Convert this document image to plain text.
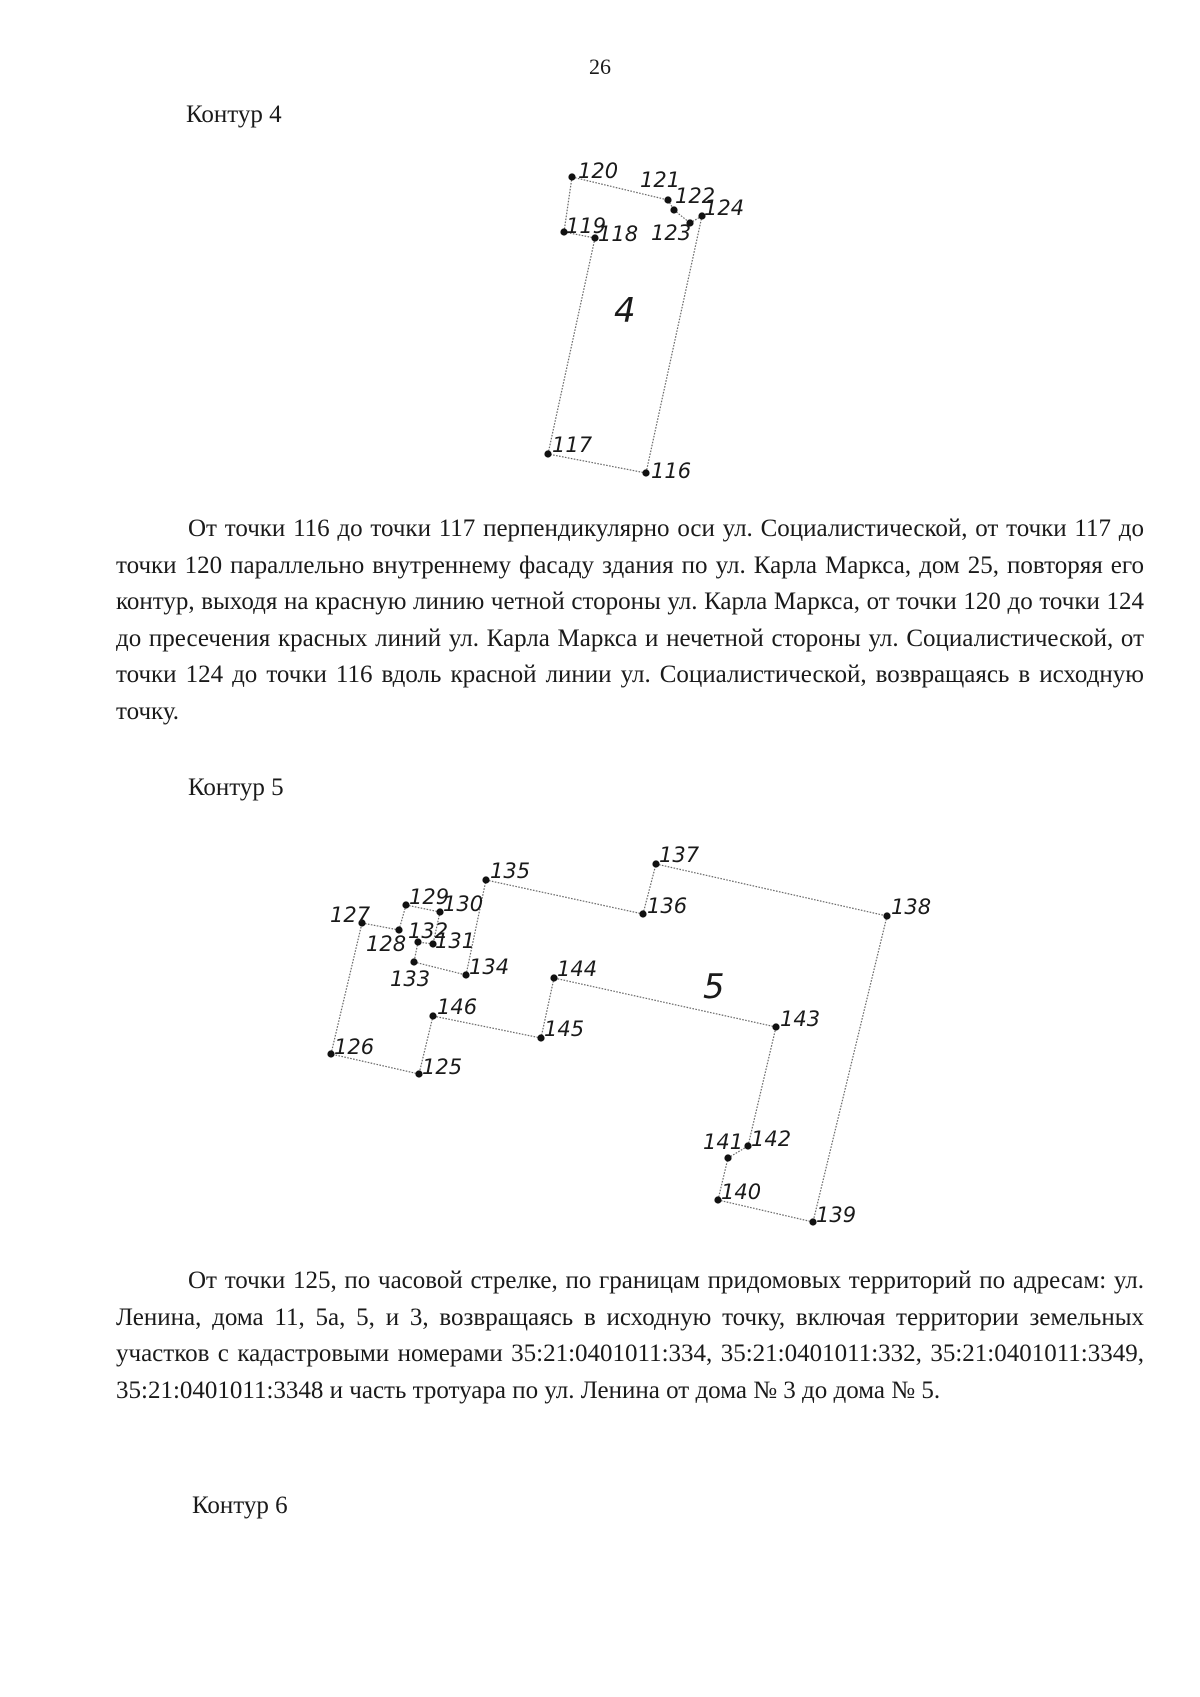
26
Контур 4
116
117
118
119
120 121
122
123
124
4

От точки 116 до точки 117 перпендикулярно оси ул. Социалистической, от точки 117 до точки 120 параллельно внутреннему фасаду здания по ул. Карла Маркса, дом 25, повторяя его контур, выходя на красную линию четной стороны ул. Карла Маркса, от точки 120 до точки 124 до пресечения красных линий ул. Карла Маркса и нечетной стороны ул. Социалистической, от точки 124 до точки 116 вдоль красной линии ул. Социалистической, возвращаясь в исходную точку.

Контур 5
125
126
127
128
129
130
131
132
133 134
135
136
137
138
139
140
141 142
143
144
145
146	5

От точки 125, по часовой стрелке, по границам придомовых территорий по адресам: ул. Ленина, дома 11, 5а, 5, и 3, возвращаясь в исходную точку, включая территории земельных участков с кадастровыми номерами 35:21:0401011:334, 35:21:0401011:332, 35:21:0401011:3349, 35:21:0401011:3348 и часть тротуара по ул. Ленина от дома № 3 до дома № 5.

Контур 6
